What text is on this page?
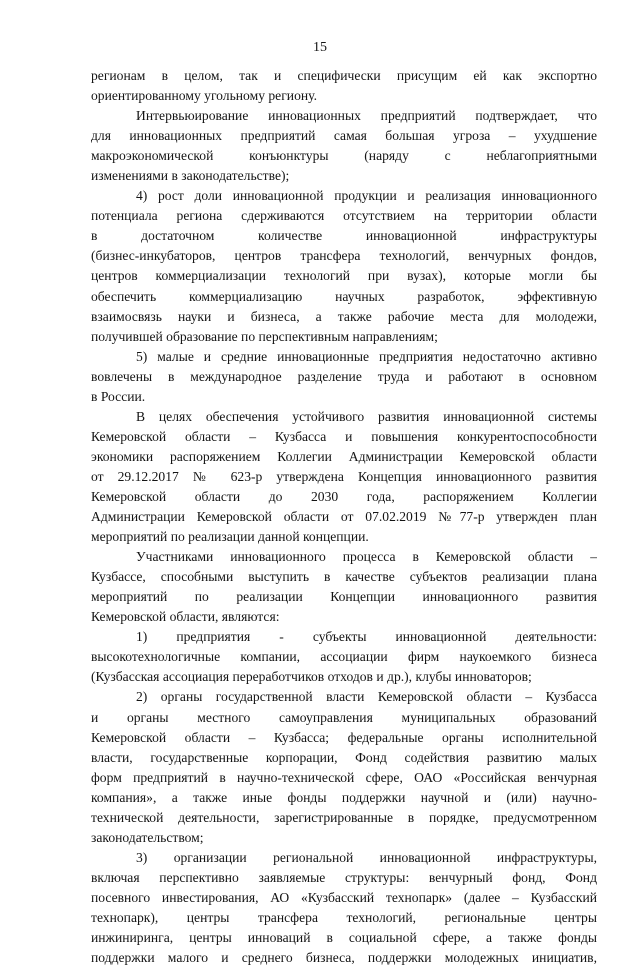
15
регионам в целом, так и специфически присущим ей как экспортно
ориентированному угольному региону.
Интервьюирование инновационных предприятий подтверждает, что
для инновационных предприятий самая большая угроза – ухудшение
макроэкономической конъюнктуры (наряду с неблагоприятными
изменениями в законодательстве);
4) рост доли инновационной продукции и реализация инновационного
потенциала региона сдерживаются отсутствием на территории области
в достаточном количестве инновационной инфраструктуры
(бизнес-инкубаторов, центров трансфера технологий, венчурных фондов,
центров коммерциализации технологий при вузах), которые могли бы
обеспечить коммерциализацию научных разработок, эффективную
взаимосвязь науки и бизнеса, а также рабочие места для молодежи,
получившей образование по перспективным направлениям;
5) малые и средние инновационные предприятия недостаточно активно
вовлечены в международное разделение труда и работают в основном
в России.
В целях обеспечения устойчивого развития инновационной системы
Кемеровской области – Кузбасса и повышения конкурентоспособности
экономики распоряжением Коллегии Администрации Кемеровской области
от 29.12.2017 № 623-р утверждена Концепция инновационного развития
Кемеровской области до 2030 года, распоряжением Коллегии
Администрации Кемеровской области от 07.02.2019 №77-р утвержден план
мероприятий по реализации данной концепции.
Участниками инновационного процесса в Кемеровской области –
Кузбассе, способными выступить в качестве субъектов реализации плана
мероприятий по реализации Концепции инновационного развития
Кемеровской области, являются:
1) предприятия - субъекты инновационной деятельности:
высокотехнологичные компании, ассоциации фирм наукоемкого бизнеса
(Кузбасская ассоциация переработчиков отходов и др.), клубы инноваторов;
2) органы государственной власти Кемеровской области – Кузбасса
и органы местного самоуправления муниципальных образований
Кемеровской области – Кузбасса; федеральные органы исполнительной
власти, государственные корпорации, Фонд содействия развитию малых
форм предприятий в научно-технической сфере, ОАО «Российская венчурная
компания», а также иные фонды поддержки научной и (или) научно-
технической деятельности, зарегистрированные в порядке, предусмотренном
законодательством;
3) организации региональной инновационной инфраструктуры,
включая перспективно заявляемые структуры: венчурный фонд, Фонд
посевного инвестирования, АО «Кузбасский технопарк» (далее – Кузбасский
технопарк), центры трансфера технологий, региональные центры
инжиниринга, центры инноваций в социальной сфере, а также фонды
поддержки малого и среднего бизнеса, поддержки молодежных инициатив,
